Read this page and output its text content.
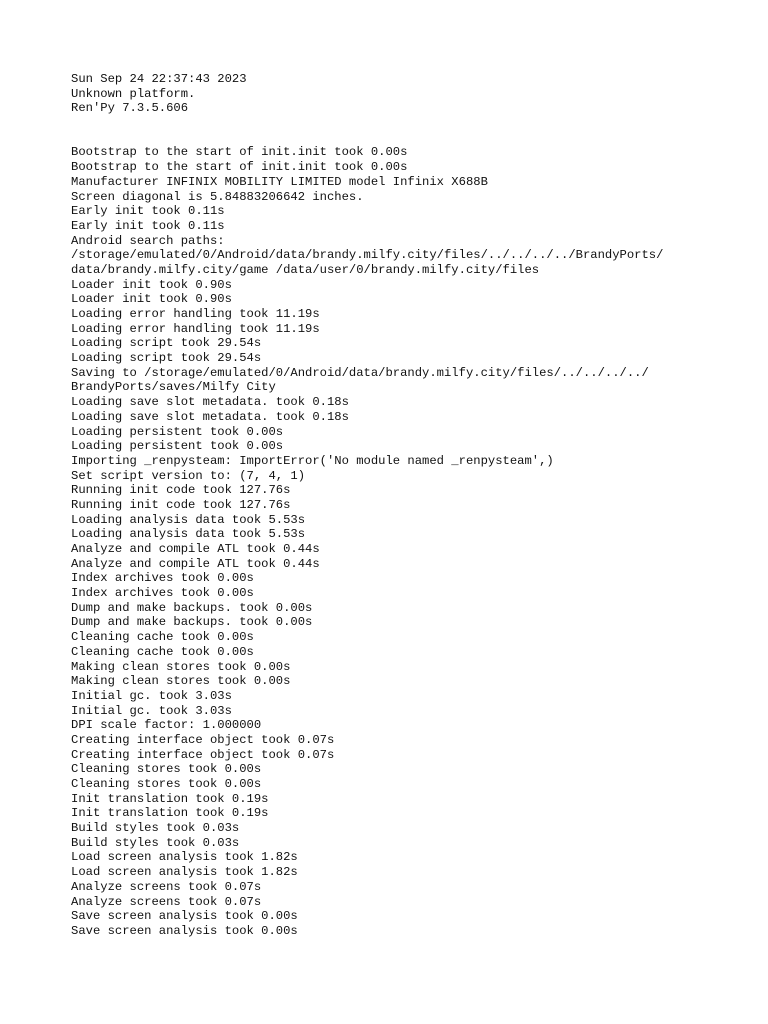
Sun Sep 24 22:37:43 2023
Unknown platform.
Ren'Py 7.3.5.606
Bootstrap to the start of init.init took 0.00s
Bootstrap to the start of init.init took 0.00s
Manufacturer INFINIX MOBILITY LIMITED model Infinix X688B
Screen diagonal is 5.84883206642 inches.
Early init took 0.11s
Early init took 0.11s
Android search paths:
/storage/emulated/0/Android/data/brandy.milfy.city/files/../../../../BrandyPorts/
data/brandy.milfy.city/game /data/user/0/brandy.milfy.city/files
Loader init took 0.90s
Loader init took 0.90s
Loading error handling took 11.19s
Loading error handling took 11.19s
Loading script took 29.54s
Loading script took 29.54s
Saving to /storage/emulated/0/Android/data/brandy.milfy.city/files/../../../../
BrandyPorts/saves/Milfy City
Loading save slot metadata. took 0.18s
Loading save slot metadata. took 0.18s
Loading persistent took 0.00s
Loading persistent took 0.00s
Importing _renpysteam: ImportError('No module named _renpysteam',)
Set script version to: (7, 4, 1)
Running init code took 127.76s
Running init code took 127.76s
Loading analysis data took 5.53s
Loading analysis data took 5.53s
Analyze and compile ATL took 0.44s
Analyze and compile ATL took 0.44s
Index archives took 0.00s
Index archives took 0.00s
Dump and make backups. took 0.00s
Dump and make backups. took 0.00s
Cleaning cache took 0.00s
Cleaning cache took 0.00s
Making clean stores took 0.00s
Making clean stores took 0.00s
Initial gc. took 3.03s
Initial gc. took 3.03s
DPI scale factor: 1.000000
Creating interface object took 0.07s
Creating interface object took 0.07s
Cleaning stores took 0.00s
Cleaning stores took 0.00s
Init translation took 0.19s
Init translation took 0.19s
Build styles took 0.03s
Build styles took 0.03s
Load screen analysis took 1.82s
Load screen analysis took 1.82s
Analyze screens took 0.07s
Analyze screens took 0.07s
Save screen analysis took 0.00s
Save screen analysis took 0.00s
